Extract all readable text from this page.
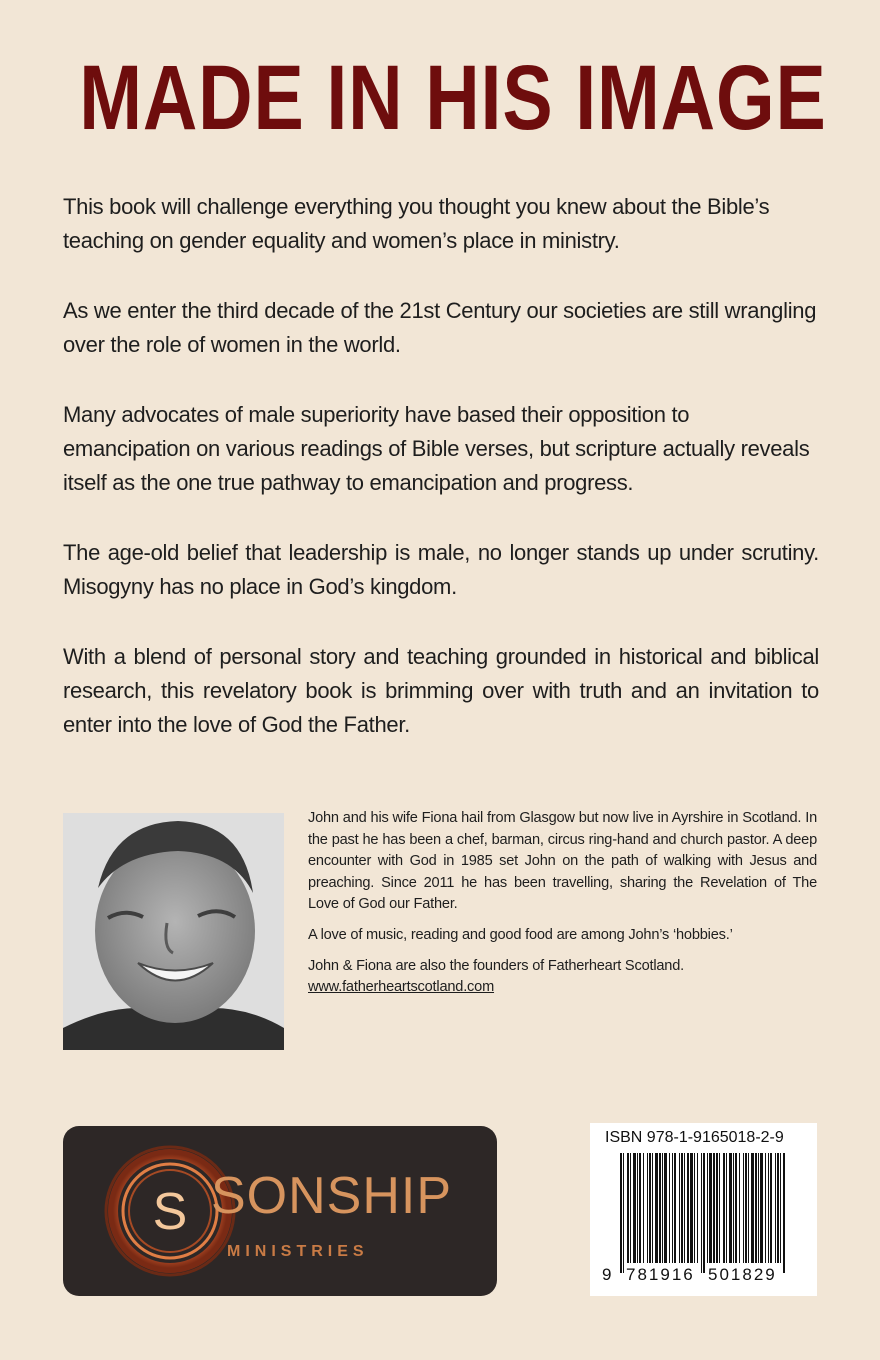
MADE IN HIS IMAGE

This book will challenge everything you thought you knew about the Bible’s teaching on gender equality and women’s place in ministry.

As we enter the third decade of the 21st Century our societies are still wrangling over the role of women in the world.

Many advocates of male superiority have based their opposition to emancipation on various readings of Bible verses, but scripture actually reveals itself as the one true pathway to emancipation and progress.

The age-old belief that leadership is male, no longer stands up under scrutiny. Misogyny has no place in God’s kingdom.

With a blend of personal story and teaching grounded in historical and biblical research, this revelatory book is brimming over with truth and an invitation to enter into the love of God the Father.

John and his wife Fiona hail from Glasgow but now live in Ayrshire in Scotland. In the past he has been a chef, barman, circus ring-hand and church pastor. A deep encounter with God in 1985 set John on the path of walking with Jesus and preaching. Since 2011 he has been travelling, sharing the Revelation of The Love of God our Father.

A love of music, reading and good food are among John’s ‘hobbies.’

John & Fiona are also the founders of Fatherheart Scotland.
www.fatherheartscotland.com

S SONSHIP
MINISTRIES
ISBN 978-1-9165018-2-9
9 781916 501829
